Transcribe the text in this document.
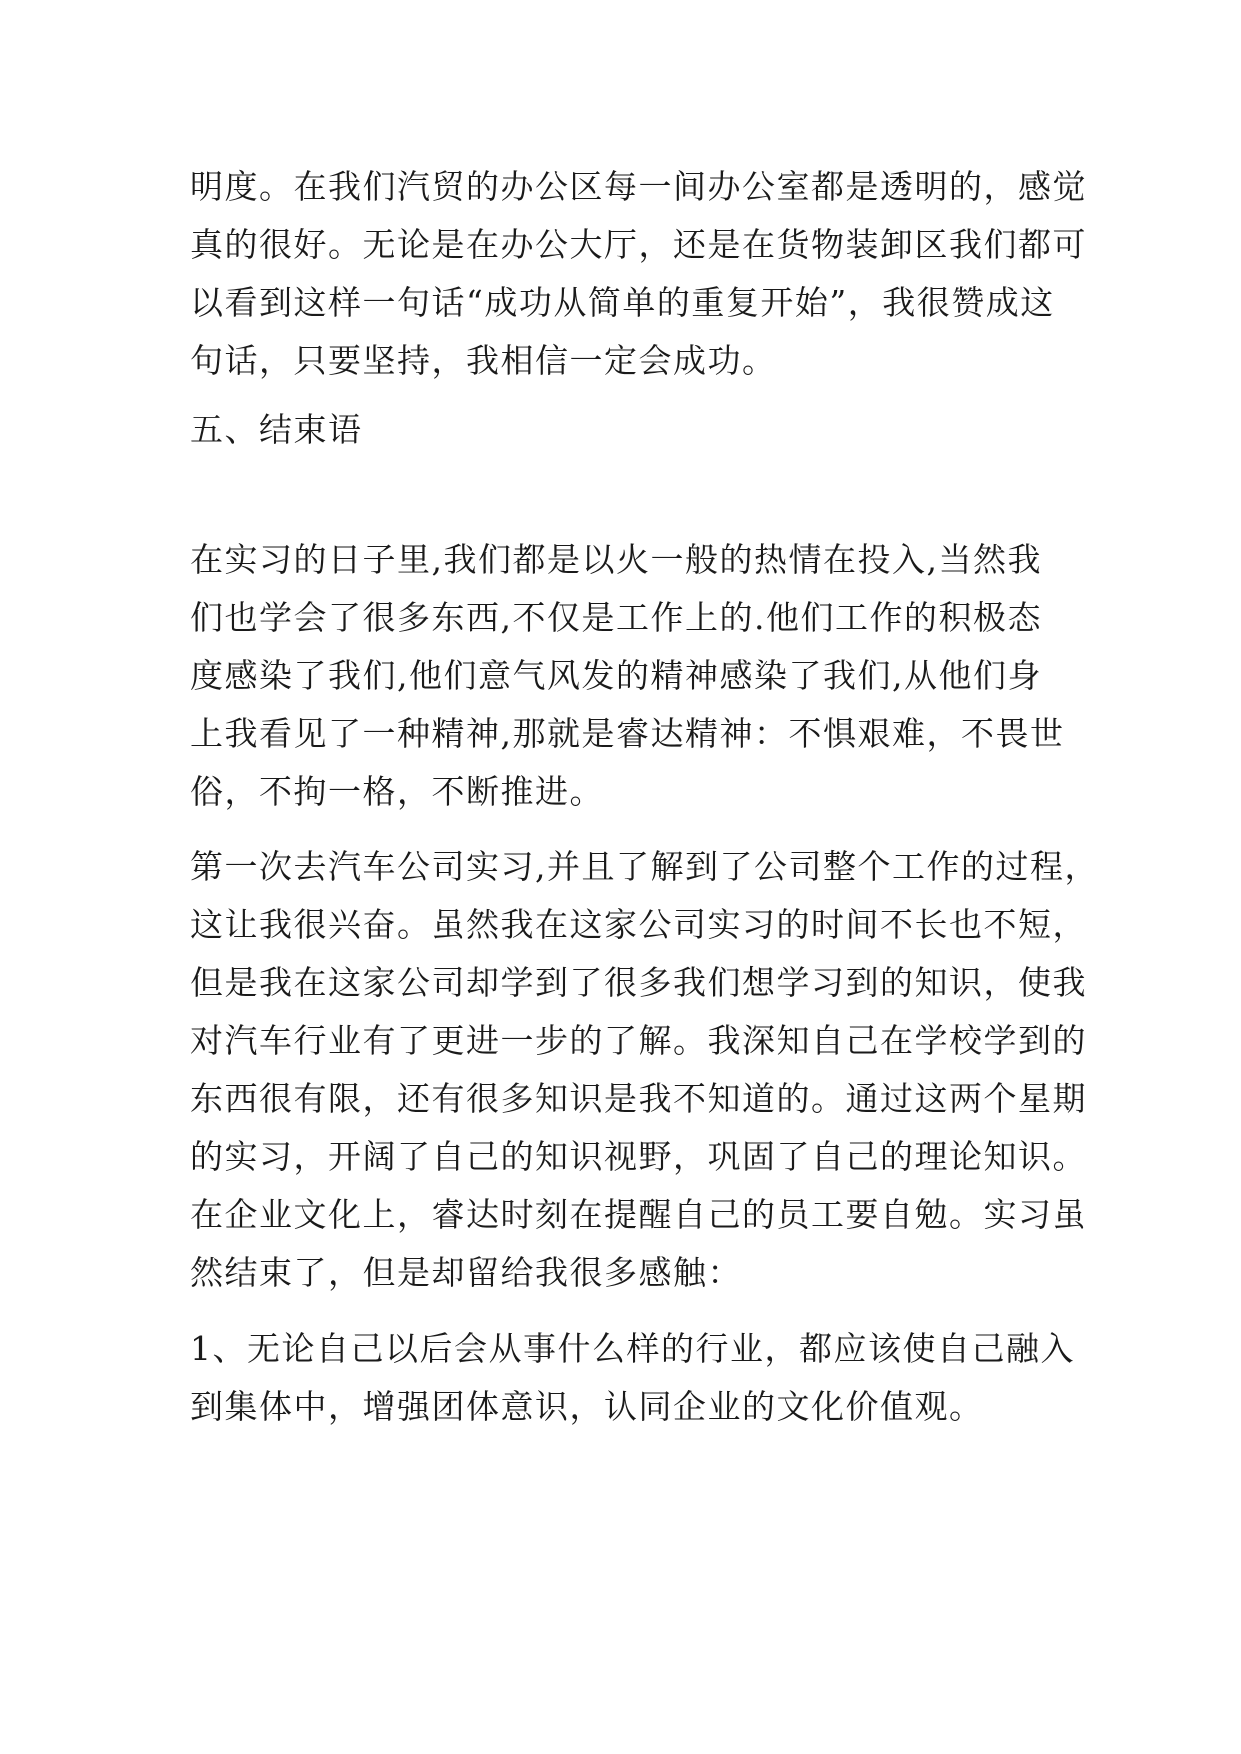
明度。在我们汽贸的办公区每一间办公室都是透明的，感觉
真的很好。无论是在办公大厅，还是在货物装卸区我们都可
以看到这样一句话“成功从简单的重复开始”，我很赞成这
句话，只要坚持，我相信一定会成功。
五、结束语
在实习的日子里,我们都是以火一般的热情在投入,当然我
们也学会了很多东西,不仅是工作上的.他们工作的积极态
度感染了我们,他们意气风发的精神感染了我们,从他们身
上我看见了一种精神,那就是睿达精神：不惧艰难，不畏世
俗，不拘一格，不断推进。
第一次去汽车公司实习,并且了解到了公司整个工作的过程，
这让我很兴奋。虽然我在这家公司实习的时间不长也不短，
但是我在这家公司却学到了很多我们想学习到的知识，使我
对汽车行业有了更进一步的了解。我深知自己在学校学到的
东西很有限，还有很多知识是我不知道的。通过这两个星期
的实习，开阔了自己的知识视野，巩固了自己的理论知识。
在企业文化上，睿达时刻在提醒自己的员工要自勉。实习虽
然结束了，但是却留给我很多感触：
1、无论自己以后会从事什么样的行业，都应该使自己融入
到集体中，增强团体意识，认同企业的文化价值观。
